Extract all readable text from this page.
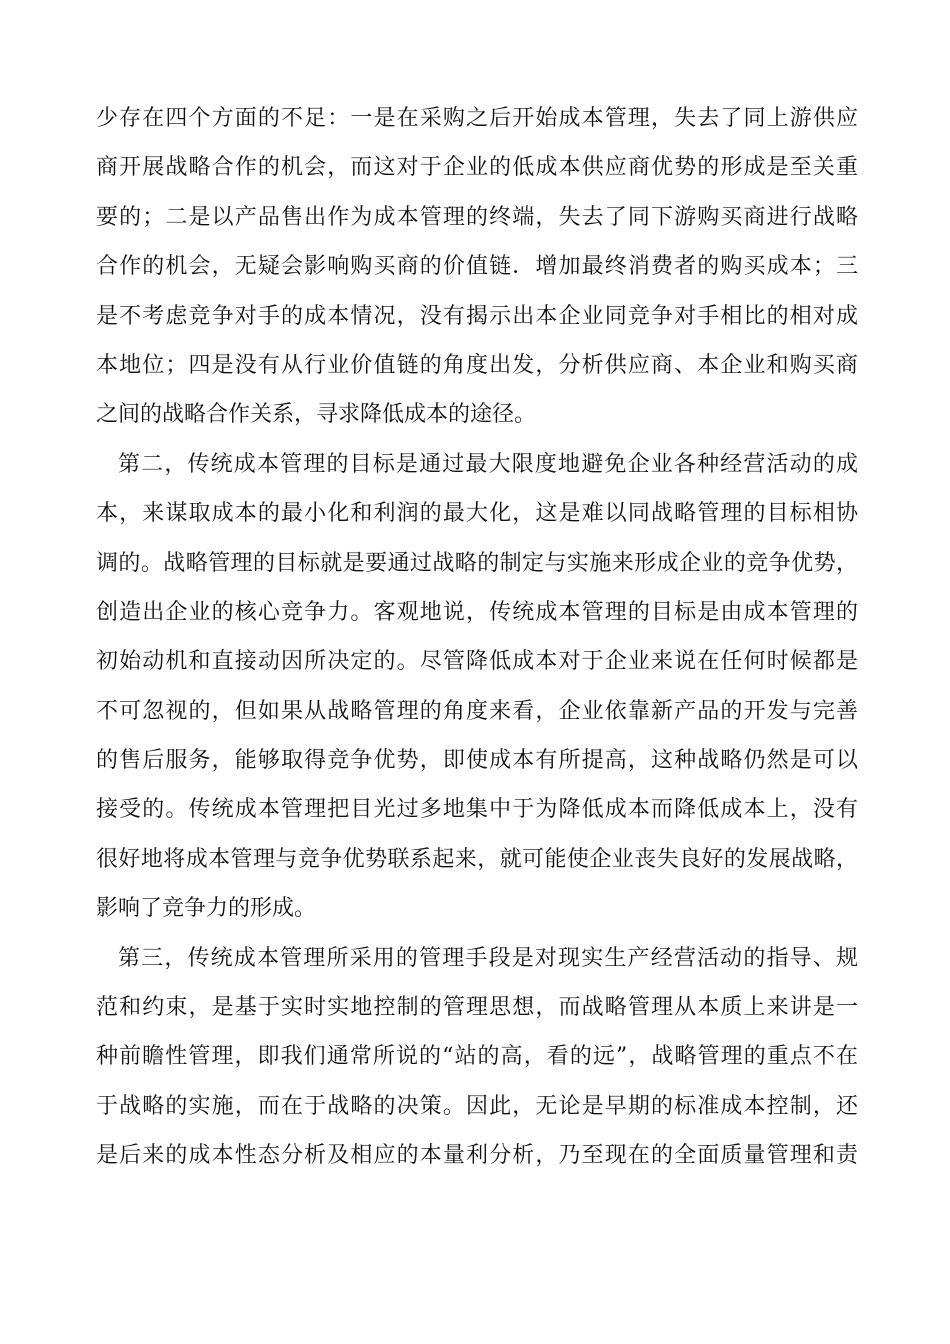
少存在四个方面的不足：一是在采购之后开始成本管理，失去了同上游供应
商开展战略合作的机会，而这对于企业的低成本供应商优势的形成是至关重
要的；二是以产品售出作为成本管理的终端，失去了同下游购买商进行战略
合作的机会，无疑会影响购买商的价值链．增加最终消费者的购买成本；三
是不考虑竞争对手的成本情况，没有揭示出本企业同竞争对手相比的相对成
本地位；四是没有从行业价值链的角度出发，分析供应商、本企业和购买商
之间的战略合作关系，寻求降低成本的途径。
第二，传统成本管理的目标是通过最大限度地避免企业各种经营活动的成
本，来谋取成本的最小化和利润的最大化，这是难以同战略管理的目标相协
调的。战略管理的目标就是要通过战略的制定与实施来形成企业的竞争优势，
创造出企业的核心竞争力。客观地说，传统成本管理的目标是由成本管理的
初始动机和直接动因所决定的。尽管降低成本对于企业来说在任何时候都是
不可忽视的，但如果从战略管理的角度来看，企业依靠新产品的开发与完善
的售后服务，能够取得竞争优势，即使成本有所提高，这种战略仍然是可以
接受的。传统成本管理把目光过多地集中于为降低成本而降低成本上，没有
很好地将成本管理与竞争优势联系起来，就可能使企业丧失良好的发展战略，
影响了竞争力的形成。
第三，传统成本管理所采用的管理手段是对现实生产经营活动的指导、规
范和约束，是基于实时实地控制的管理思想，而战略管理从本质上来讲是一
种前瞻性管理，即我们通常所说的“站的高，看的远”，战略管理的重点不在
于战略的实施，而在于战略的决策。因此，无论是早期的标准成本控制，还
是后来的成本性态分析及相应的本量利分析，乃至现在的全面质量管理和责
